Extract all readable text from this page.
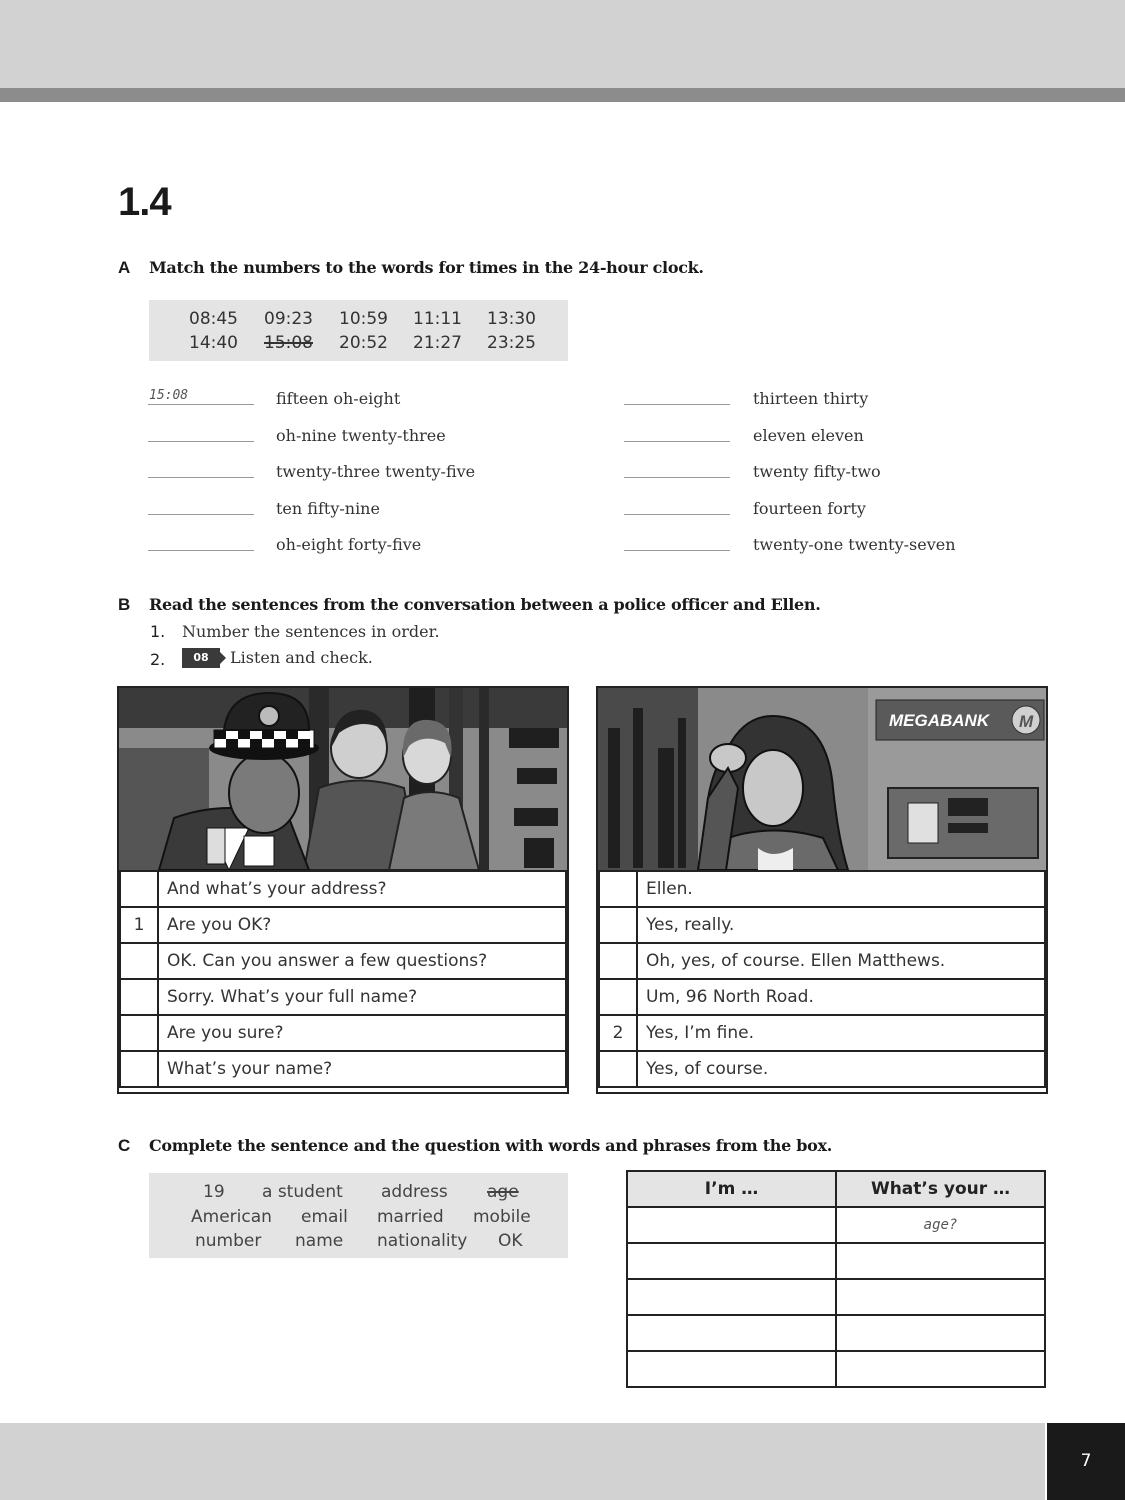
1.4
A Match the numbers to the words for times in the 24-hour clock.
08:45 09:23 10:59 11:11 13:30
14:40 15:08 20:52 21:27 23:25
15:08	fifteen oh-eight
oh-nine twenty-three
twenty-three twenty-five
ten fifty-nine
oh-eight forty-five
thirteen thirty
eleven eleven
twenty fifty-two
fourteen forty
twenty-one twenty-seven
B Read the sentences from the conversation between a police officer and Ellen.
1. Number the sentences in order.
2.	08	Listen and check.
	And what’s your address?
1	Are you OK?
	OK. Can you answer a few questions?
	Sorry. What’s your full name?
	Are you sure?
	What’s your name?
MEGABANK M
	Ellen.
	Yes, really.
	Oh, yes, of course. Ellen Matthews.
	Um, 96 North Road.
2	Yes, I’m fine.
	Yes, of course.
C Complete the sentence and the question with words and phrases from the box.
19 a student address age
American email married mobile
number name nationality OK
I’m …	What’s your …
	age?

7
